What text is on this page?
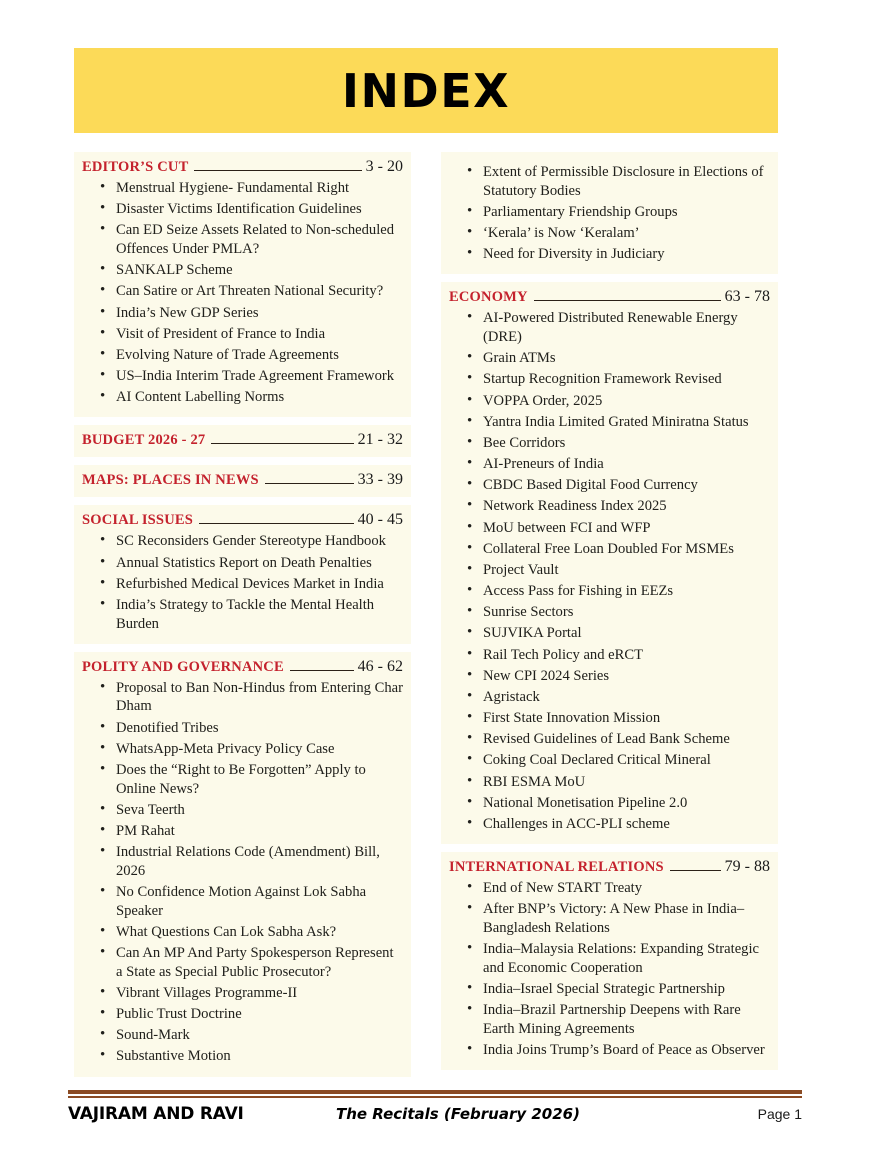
INDEX
EDITOR’S CUT	3 - 20
• Menstrual Hygiene- Fundamental Right
• Disaster Victims Identification Guidelines
• Can ED Seize Assets Related to Non-scheduled Offences Under PMLA?
• SANKALP Scheme
• Can Satire or Art Threaten National Security?
• India’s New GDP Series
• Visit of President of France to India
• Evolving Nature of Trade Agreements
• US–India Interim Trade Agreement Framework
• AI Content Labelling Norms
BUDGET 2026 - 27	21 - 32
MAPS: PLACES IN NEWS	33 - 39
SOCIAL ISSUES	40 - 45
• SC Reconsiders Gender Stereotype Handbook
• Annual Statistics Report on Death Penalties
• Refurbished Medical Devices Market in India
• India’s Strategy to Tackle the Mental Health Burden
POLITY AND GOVERNANCE	46 - 62
• Proposal to Ban Non-Hindus from Entering Char Dham
• Denotified Tribes
• WhatsApp-Meta Privacy Policy Case
• Does the “Right to Be Forgotten” Apply to Online News?
• Seva Teerth
• PM Rahat
• Industrial Relations Code (Amendment) Bill, 2026
• No Confidence Motion Against Lok Sabha Speaker
• What Questions Can Lok Sabha Ask?
• Can An MP And Party Spokesperson Represent a State as Special Public Prosecutor?
• Vibrant Villages Programme-II
• Public Trust Doctrine
• Sound-Mark
• Substantive Motion
• Extent of Permissible Disclosure in Elections of Statutory Bodies
• Parliamentary Friendship Groups
• ‘Kerala’ is Now ‘Keralam’
• Need for Diversity in Judiciary
ECONOMY	63 - 78
• AI-Powered Distributed Renewable Energy (DRE)
• Grain ATMs
• Startup Recognition Framework Revised
• VOPPA Order, 2025
• Yantra India Limited Grated Miniratna Status
• Bee Corridors
• AI-Preneurs of India
• CBDC Based Digital Food Currency
• Network Readiness Index 2025
• MoU between FCI and WFP
• Collateral Free Loan Doubled For MSMEs
• Project Vault
• Access Pass for Fishing in EEZs
• Sunrise Sectors
• SUJVIKA Portal
• Rail Tech Policy and eRCT
• New CPI 2024 Series
• Agristack
• First State Innovation Mission
• Revised Guidelines of Lead Bank Scheme
• Coking Coal Declared Critical Mineral
• RBI ESMA MoU
• National Monetisation Pipeline 2.0
• Challenges in ACC-PLI scheme
INTERNATIONAL RELATIONS	79 - 88
• End of New START Treaty
• After BNP’s Victory: A New Phase in India–Bangladesh Relations
• India–Malaysia Relations: Expanding Strategic and Economic Cooperation
• India–Israel Special Strategic Partnership
• India–Brazil Partnership Deepens with Rare Earth Mining Agreements
• India Joins Trump’s Board of Peace as Observer
VAJIRAM AND RAVI	The Recitals (February 2026)	Page 1
